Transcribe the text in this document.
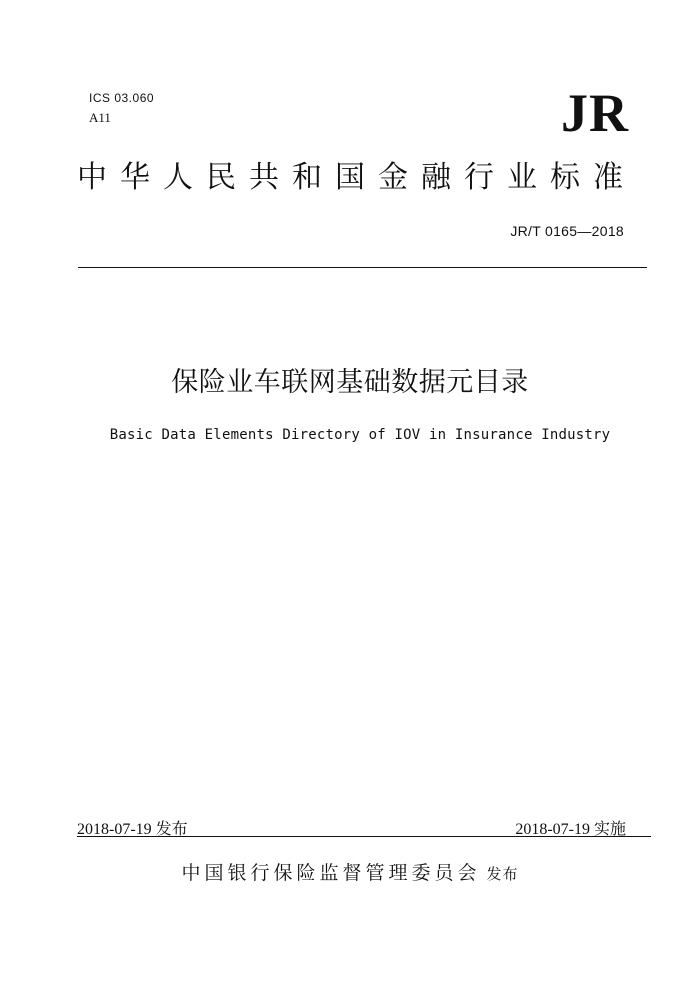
ICS 03.060
A11	JR
中华人民共和国金融行业标准
JR/T 0165—2018
保险业车联网基础数据元目录
Basic Data Elements Directory of IOV in Insurance Industry
2018-07-19 发布	2018-07-19 实施
中国银行保险监督管理委员会 发布
